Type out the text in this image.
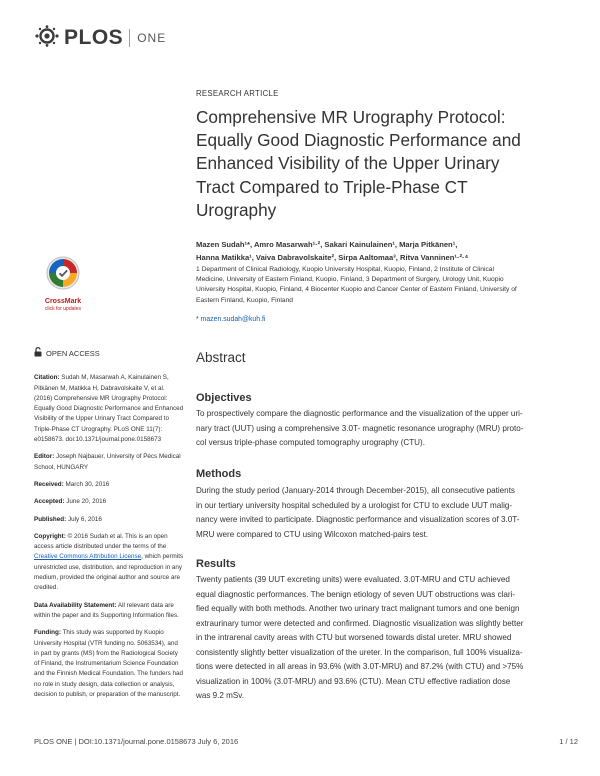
PLOS ONE
CrossMark
click for updates
OPEN ACCESS

Citation: Sudah M, Masarwah A, Kainulainen S, Pitkänen M, Matikka H, Dabravolskaite V, et al. (2016) Comprehensive MR Urography Protocol: Equally Good Diagnostic Performance and Enhanced Visibility of the Upper Urinary Tract Compared to Triple-Phase CT Urography. PLoS ONE 11(7): e0158673. doi:10.1371/journal.pone.0158673

Editor: Joseph Najbauer, University of Pécs Medical School, HUNGARY

Received: March 30, 2016

Accepted: June 20, 2016

Published: July 6, 2016

Copyright: © 2016 Sudah et al. This is an open access article distributed under the terms of the Creative Commons Attribution License, which permits unrestricted use, distribution, and reproduction in any medium, provided the original author and source are credited.

Data Availability Statement: All relevant data are within the paper and its Supporting Information files.

Funding: This study was supported by Kuopio University Hospital (VTR funding no. 5063534), and in part by grants (MS) from the Radiological Society of Finland, the Instrumentarium Science Foundation and the Finnish Medical Foundation. The funders had no role in study design, data collection or analysis, decision to publish, or preparation of the manuscript.

RESEARCH ARTICLE
Comprehensive MR Urography Protocol:
Equally Good Diagnostic Performance and
Enhanced Visibility of the Upper Urinary
Tract Compared to Triple-Phase CT
Urography
Mazen Sudah¹*, Amro Masarwah¹·², Sakari Kainulainen¹, Marja Pitkänen¹,
Hanna Matikka¹, Vaiva Dabravolskaite², Sirpa Aaltomaa³, Ritva Vanninen¹·²·⁴
1 Department of Clinical Radiology, Kuopio University Hospital, Kuopio, Finland, 2 Institute of Clinical
Medicine, University of Eastern Finland, Kuopio, Finland, 3 Department of Surgery, Urology Unit, Kuopio
University Hospital, Kuopio, Finland, 4 Biocenter Kuopio and Cancer Center of Eastern Finland, University of
Eastern Finland, Kuopio, Finland
* mazen.sudah@kuh.fi
Abstract
Objectives
To prospectively compare the diagnostic performance and the visualization of the upper uri-
nary tract (UUT) using a comprehensive 3.0T- magnetic resonance urography (MRU) proto-
col versus triple-phase computed tomography urography (CTU).
Methods
During the study period (January-2014 through December-2015), all consecutive patients
in our tertiary university hospital scheduled by a urologist for CTU to exclude UUT malig-
nancy were invited to participate. Diagnostic performance and visualization scores of 3.0T-
MRU were compared to CTU using Wilcoxon matched-pairs test.
Results
Twenty patients (39 UUT excreting units) were evaluated. 3.0T-MRU and CTU achieved
equal diagnostic performances. The benign etiology of seven UUT obstructions was clari-
fied equally with both methods. Another two urinary tract malignant tumors and one benign
extraurinary tumor were detected and confirmed. Diagnostic visualization was slightly better
in the intrarenal cavity areas with CTU but worsened towards distal ureter. MRU showed
consistently slightly better visualization of the ureter. In the comparison, full 100% visualiza-
tions were detected in all areas in 93.6% (with 3.0T-MRU) and 87.2% (with CTU) and >75%
visualization in 100% (3.0T-MRU) and 93.6% (CTU). Mean CTU effective radiation dose
was 9.2 mSv.
PLOS ONE | DOI:10.1371/journal.pone.0158673 July 6, 2016	1 / 12
